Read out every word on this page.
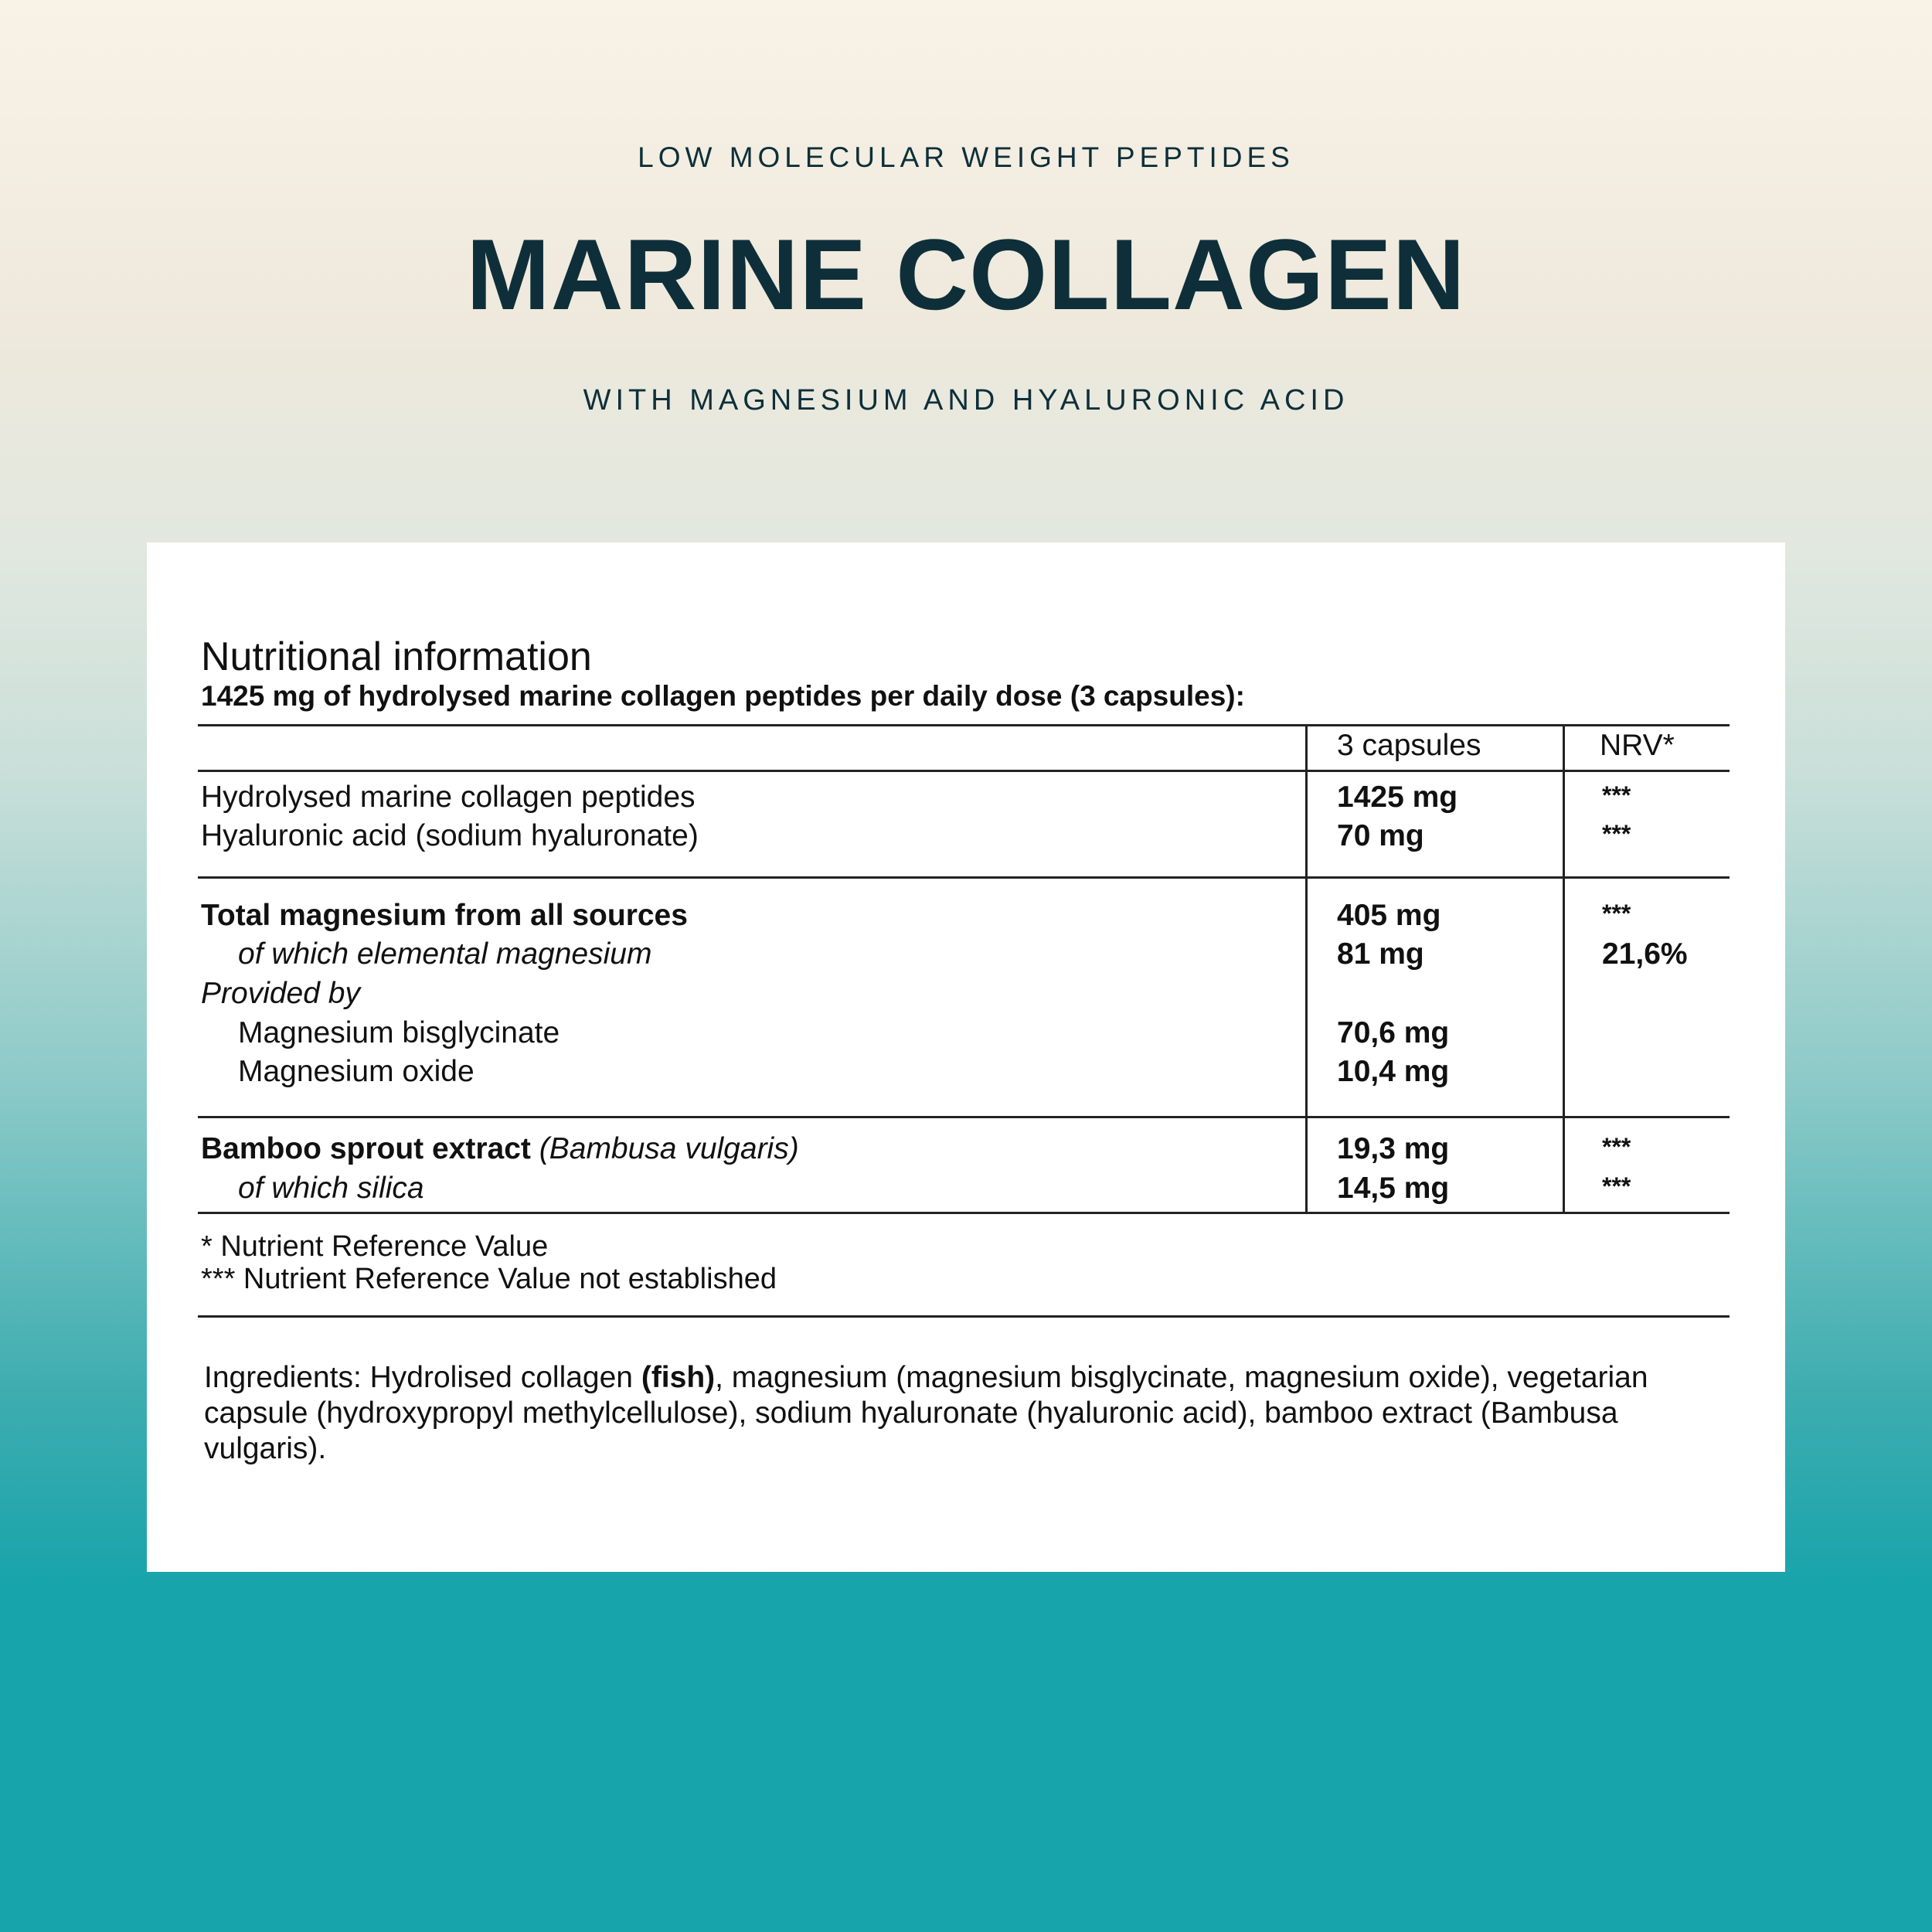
LOW MOLECULAR WEIGHT PEPTIDES
MARINE COLLAGEN
WITH MAGNESIUM AND HYALURONIC ACID
Nutritional information
1425 mg of hydrolysed marine collagen peptides per daily dose (3 capsules):
3 capsules	NRV*
Hydrolysed marine collagen peptides	1425 mg	***
Hyaluronic acid (sodium hyaluronate)	70 mg	***
Total magnesium from all sources	405 mg	***
of which elemental magnesium	81 mg	21,6%
Provided by
Magnesium bisglycinate	70,6 mg
Magnesium oxide	10,4 mg
Bamboo sprout extract (Bambusa vulgaris)	19,3 mg	***
of which silica	14,5 mg	***
* Nutrient Reference Value
*** Nutrient Reference Value not established
Ingredients: Hydrolised collagen (fish), magnesium (magnesium bisglycinate, magnesium oxide), vegetarian capsule (hydroxypropyl methylcellulose), sodium hyaluronate (hyaluronic acid), bamboo extract (Bambusa vulgaris).
